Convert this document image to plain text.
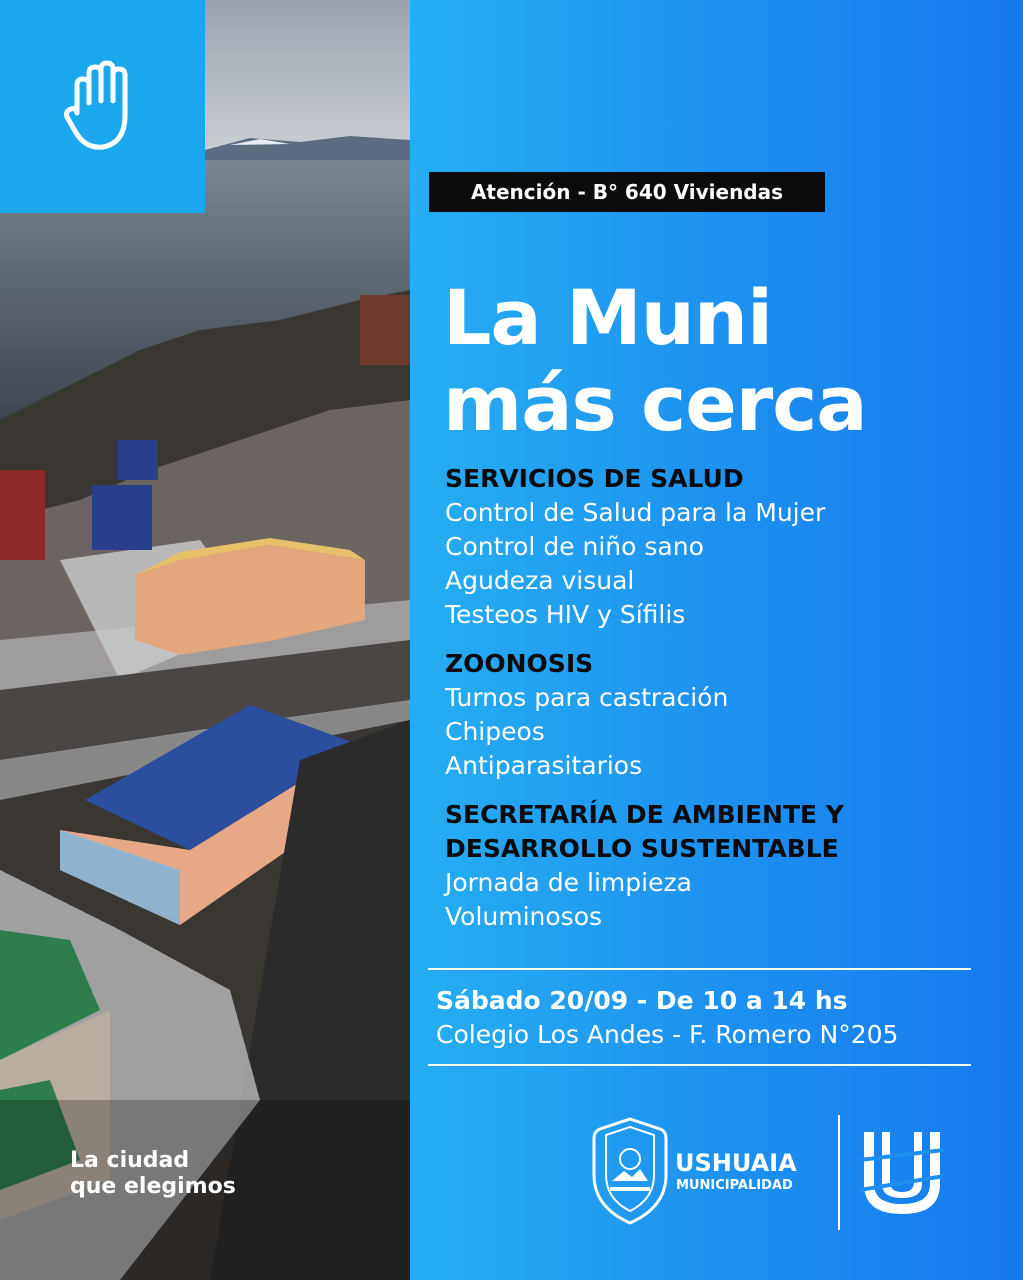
La ciudad
que elegimos
Atención - B° 640 Viviendas
La Muni
más cerca
SERVICIOS DE SALUD
Control de Salud para la Mujer
Control de niño sano
Agudeza visual
Testeos HIV y Sífilis
ZOONOSIS
Turnos para castración
Chipeos
Antiparasitarios
SECRETARÍA DE AMBIENTE Y
DESARROLLO SUSTENTABLE
Jornada de limpieza
Voluminosos
Sábado 20/09 - De 10 a 14 hs
Colegio Los Andes - F. Romero N°205
USHUAIA
MUNICIPALIDAD
